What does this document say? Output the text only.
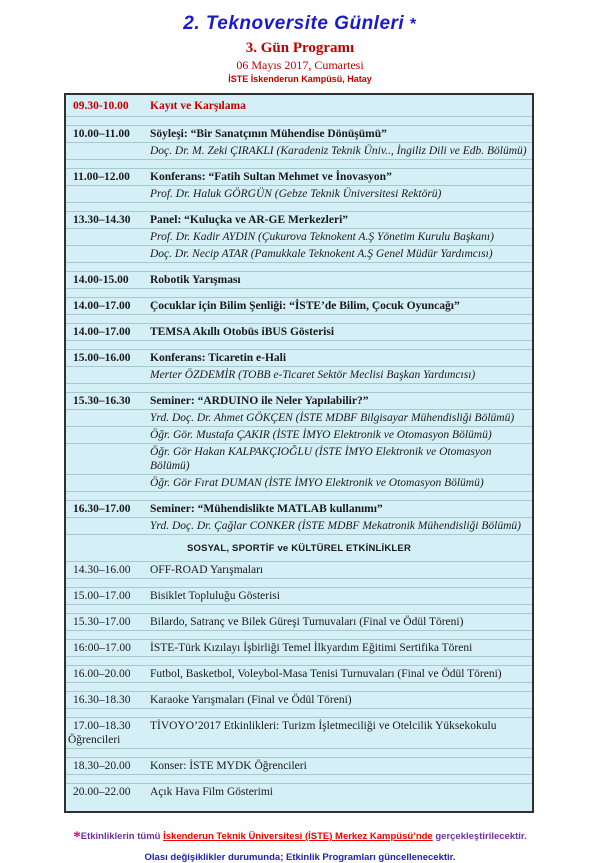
2. Teknoversite Günleri *
3. Gün Programı
06 Mayıs 2017, Cumartesi
İSTE İskenderun Kampüsü, Hatay
09.30-10.00	Kayıt ve Karşılama
10.00–11.00	Söyleşi: “Bir Sanatçının Mühendise Dönüşümü”
Doç. Dr. M. Zeki ÇIRAKLI (Karadeniz Teknik Üniv.., İngiliz Dili ve Edb. Bölümü)
11.00–12.00	Konferans: “Fatih Sultan Mehmet ve İnovasyon”
Prof. Dr. Haluk GÖRGÜN (Gebze Teknik Üniversitesi Rektörü)
13.30–14.30	Panel: “Kuluçka ve AR-GE Merkezleri”
Prof. Dr. Kadir AYDIN (Çukurova Teknokent A.Ş Yönetim Kurulu Başkanı)
Doç. Dr. Necip ATAR (Pamukkale Teknokent A.Ş Genel Müdür Yardımcısı)
14.00-15.00	Robotik Yarışması
14.00–17.00	Çocuklar için Bilim Şenliği: “İSTE’de Bilim, Çocuk Oyuncağı”
14.00–17.00	TEMSA Akıllı Otobüs iBUS Gösterisi
15.00–16.00	Konferans: Ticaretin e-Hali
Merter ÖZDEMİR (TOBB e-Ticaret Sektör Meclisi Başkan Yardımcısı)
15.30–16.30	Seminer: “ARDUINO ile Neler Yapılabilir?”
Yrd. Doç. Dr. Ahmet GÖKÇEN (İSTE MDBF Bilgisayar Mühendisliği Bölümü)
Öğr. Gör. Mustafa ÇAKIR (İSTE İMYO Elektronik ve Otomasyon Bölümü)
Öğr. Gör Hakan KALPAKÇIOĞLU (İSTE İMYO Elektronik ve Otomasyon Bölümü)
Öğr. Gör Fırat DUMAN (İSTE İMYO Elektronik ve Otomasyon Bölümü)
16.30–17.00	Seminer: “Mühendislikte MATLAB kullanımı”
Yrd. Doç. Dr. Çağlar CONKER (İSTE MDBF Mekatronik Mühendisliği Bölümü)
SOSYAL, SPORTİF ve KÜLTÜREL ETKİNLİKLER
14.30–16.00	OFF-ROAD Yarışmaları
15.00–17.00	Bisiklet Topluluğu Gösterisi
15.30–17.00	Bilardo, Satranç ve Bilek Güreşi Turnuvaları (Final ve Ödül Töreni)
16:00–17.00	İSTE-Türk Kızılayı İşbirliği Temel İlkyardım Eğitimi Sertifika Töreni
16.00–20.00	Futbol, Basketbol, Voleybol-Masa Tenisi Turnuvaları (Final ve Ödül Töreni)
16.30–18.30	Karaoke Yarışmaları (Final ve Ödül Töreni)
17.00–18.30 TİVOYO’2017 Etkinlikleri: Turizm İşletmeciliği ve Otelcilik Yüksekokulu
Öğrencileri
18.30–20.00	Konser: İSTE MYDK Öğrencileri
20.00–22.00	Açık Hava Film Gösterimi
*Etkinliklerin tümü İskenderun Teknik Üniversitesi (İSTE) Merkez Kampüsü’nde gerçekleştirilecektir.
Olası değişiklikler durumunda; Etkinlik Programları güncellenecektir.
